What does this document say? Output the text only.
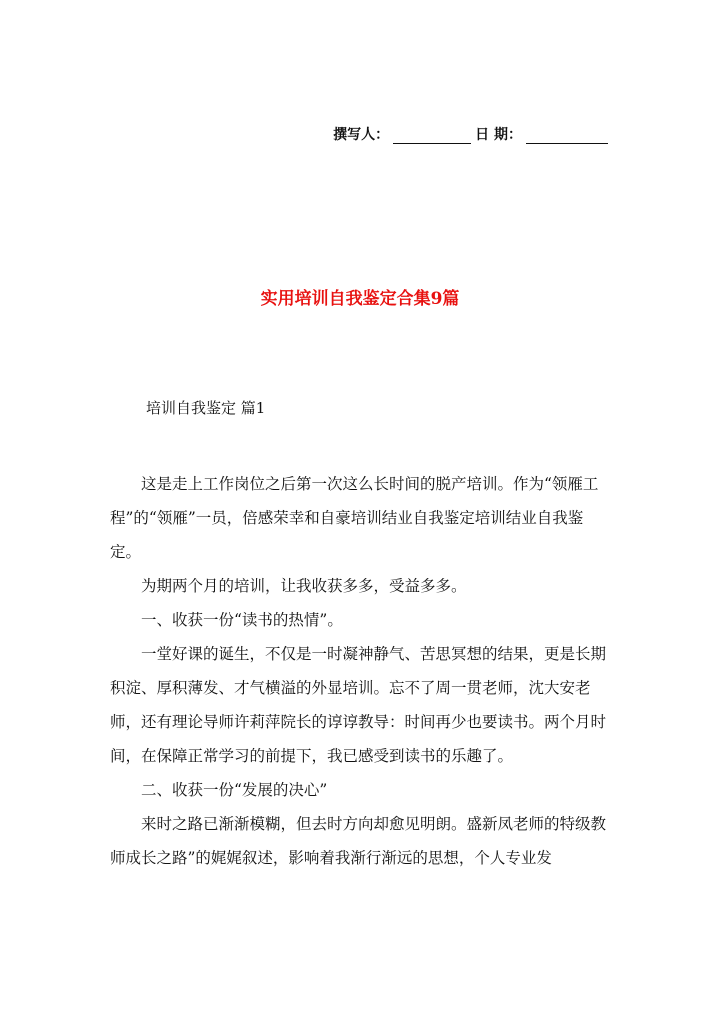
撰写人：	日 期：
实用培训自我鉴定合集9篇
培训自我鉴定 篇1

这是走上工作岗位之后第一次这么长时间的脱产培训。作为“领雁工程”的“领雁”一员，倍感荣幸和自豪培训结业自我鉴定培训结业自我鉴定。

为期两个月的培训，让我收获多多，受益多多。

一、收获一份“读书的热情”。

一堂好课的诞生，不仅是一时凝神静气、苦思冥想的结果，更是长期积淀、厚积薄发、才气横溢的外显培训。忘不了周一贯老师，沈大安老师，还有理论导师许莉萍院长的谆谆教导：时间再少也要读书。两个月时间，在保障正常学习的前提下，我已感受到读书的乐趣了。

二、收获一份“发展的决心”

来时之路已渐渐模糊，但去时方向却愈见明朗。盛新凤老师的特级教师成长之路”的娓娓叙述，影响着我渐行渐远的思想，个人专业发
